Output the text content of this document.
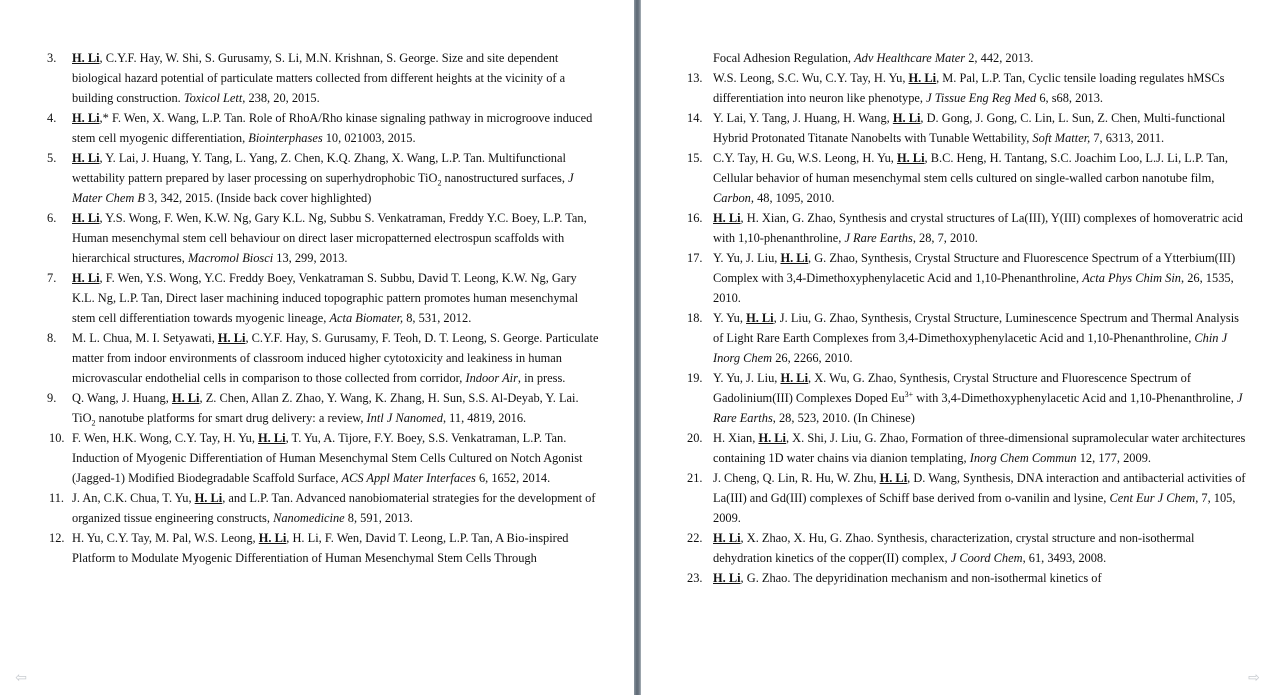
3.	H. Li, C.Y.F. Hay, W. Shi, S. Gurusamy, S. Li, M.N. Krishnan, S. George. Size and site dependent biological hazard potential of particulate matters collected from different heights at the vicinity of a building construction. Toxicol Lett, 238, 20, 2015.
4.	H. Li,* F. Wen, X. Wang, L.P. Tan. Role of RhoA/Rho kinase signaling pathway in microgroove induced stem cell myogenic differentiation, Biointerphases 10, 021003, 2015.
5.	H. Li, Y. Lai, J. Huang, Y. Tang, L. Yang, Z. Chen, K.Q. Zhang, X. Wang, L.P. Tan. Multifunctional wettability pattern prepared by laser processing on superhydrophobic TiO$_2$ nanostructured surfaces, J Mater Chem B 3, 342, 2015. (Inside back cover highlighted)
6.	H. Li, Y.S. Wong, F. Wen, K.W. Ng, Gary K.L. Ng, Subbu S. Venkatraman, Freddy Y.C. Boey, L.P. Tan, Human mesenchymal stem cell behaviour on direct laser micropatterned electrospun scaffolds with hierarchical structures, Macromol Biosci 13, 299, 2013.
7.	H. Li, F. Wen, Y.S. Wong, Y.C. Freddy Boey, Venkatraman S. Subbu, David T. Leong, K.W. Ng, Gary K.L. Ng, L.P. Tan, Direct laser machining induced topographic pattern promotes human mesenchymal stem cell differentiation towards myogenic lineage, Acta Biomater, 8, 531, 2012.
8.	M. L. Chua, M. I. Setyawati, H. Li, C.Y.F. Hay, S. Gurusamy, F. Teoh, D. T. Leong, S. George. Particulate matter from indoor environments of classroom induced higher cytotoxicity and leakiness in human microvascular endothelial cells in comparison to those collected from corridor, Indoor Air, in press.
9.	Q. Wang, J. Huang, H. Li, Z. Chen, Allan Z. Zhao, Y. Wang, K. Zhang, H. Sun, S.S. Al-Deyab, Y. Lai. TiO$_2$ nanotube platforms for smart drug delivery: a review, Intl J Nanomed, 11, 4819, 2016.
10. F. Wen, H.K. Wong, C.Y. Tay, H. Yu, H. Li, T. Yu, A. Tijore, F.Y. Boey, S.S. Venkatraman, L.P. Tan. Induction of Myogenic Differentiation of Human Mesenchymal Stem Cells Cultured on Notch Agonist (Jagged-1) Modified Biodegradable Scaffold Surface, ACS Appl Mater Interfaces 6, 1652, 2014.
11. J. An, C.K. Chua, T. Yu, H. Li, and L.P. Tan. Advanced nanobiomaterial strategies for the development of organized tissue engineering constructs, Nanomedicine 8, 591, 2013.
12. H. Yu, C.Y. Tay, M. Pal, W.S. Leong, H. Li, H. Li, F. Wen, David T. Leong, L.P. Tan, A Bio-inspired Platform to Modulate Myogenic Differentiation of Human Mesenchymal Stem Cells Through
Focal Adhesion Regulation, Adv Healthcare Mater 2, 442, 2013.
13. W.S. Leong, S.C. Wu, C.Y. Tay, H. Yu, H. Li, M. Pal, L.P. Tan, Cyclic tensile loading regulates hMSCs differentiation into neuron like phenotype, J Tissue Eng Reg Med 6, s68, 2013.
14. Y. Lai, Y. Tang, J. Huang, H. Wang, H. Li, D. Gong, J. Gong, C. Lin, L. Sun, Z. Chen, Multi-functional Hybrid Protonated Titanate Nanobelts with Tunable Wettability, Soft Matter, 7, 6313, 2011.
15. C.Y. Tay, H. Gu, W.S. Leong, H. Yu, H. Li, B.C. Heng, H. Tantang, S.C. Joachim Loo, L.J. Li, L.P. Tan, Cellular behavior of human mesenchymal stem cells cultured on single-walled carbon nanotube film, Carbon, 48, 1095, 2010.
16. H. Li, H. Xian, G. Zhao, Synthesis and crystal structures of La(III), Y(III) complexes of homoveratric acid with 1,10-phenanthroline, J Rare Earths, 28, 7, 2010.
17. Y. Yu, J. Liu, H. Li, G. Zhao, Synthesis, Crystal Structure and Fluorescence Spectrum of a Ytterbium(III) Complex with 3,4-Dimethoxyphenylacetic Acid and 1,10-Phenanthroline, Acta Phys Chim Sin, 26, 1535, 2010.
18. Y. Yu, H. Li, J. Liu, G. Zhao, Synthesis, Crystal Structure, Luminescence Spectrum and Thermal Analysis of Light Rare Earth Complexes from 3,4-Dimethoxyphenylacetic Acid and 1,10-Phenanthroline, Chin J Inorg Chem 26, 2266, 2010.
19. Y. Yu, J. Liu, H. Li, X. Wu, G. Zhao, Synthesis, Crystal Structure and Fluorescence Spectrum of Gadolinium(III) Complexes Doped $Eu^{3+}$ with 3,4-Dimethoxyphenylacetic Acid and 1,10-Phenanthroline, J Rare Earths, 28, 523, 2010. (In Chinese)
20. H. Xian, H. Li, X. Shi, J. Liu, G. Zhao, Formation of three-dimensional supramolecular water architectures containing 1D water chains via dianion templating, Inorg Chem Commun 12, 177, 2009.
21. J. Cheng, Q. Lin, R. Hu, W. Zhu, H. Li, D. Wang, Synthesis, DNA interaction and antibacterial activities of La(III) and Gd(III) complexes of Schiff base derived from o-vanilin and lysine, Cent Eur J Chem, 7, 105, 2009.
22. H. Li, X. Zhao, X. Hu, G. Zhao. Synthesis, characterization, crystal structure and non-isothermal dehydration kinetics of the copper(II) complex, J Coord Chem, 61, 3493, 2008.
23. H. Li, G. Zhao. The depyridination mechanism and non-isothermal kinetics of
⇦	⇨
